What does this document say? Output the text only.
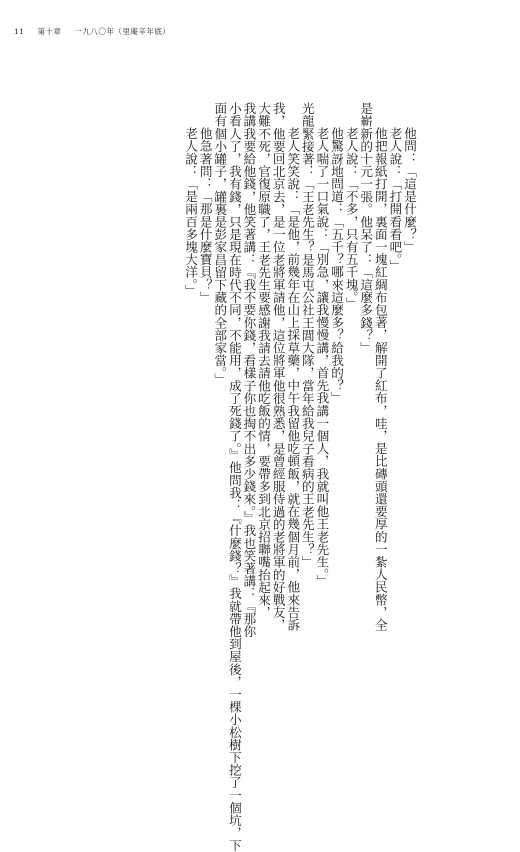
11 第十章 一九八〇年（里庵辛年底）
他問：「這是什麼？」
老人說：「打開看看吧。」
他把報紙打開，裏面一塊紅綢布包著，解開了紅布，哇，是比磚頭還要厚的一紮人民幣，全
是嶄新的十元一張。他呆了：「這麼多錢？」
老人說：「不多，只有五千塊。」
他驚訝地問道：「五千？哪來這麼多？給我的？」
老人喘了一口氣說：「別急，讓我慢慢講，首先我講一個人，我就叫他王老先生。」
光龍緊接著：「王老先生？是馬屯公社王閭大隊，當年給我兒子看病的王老先生？」
老人笑笑說：「是他，前幾年在山上採草藥，中午我留他吃頓飯，就在幾個月前，他來告訴
我，他要回北京去，是一位老將軍請他，這位將軍他很熟悉，是曾經服侍過的老將軍的好戰友，
大難不死，官復原職了，王老先生要感謝我請去請他吃飯的情，要帶多到北京招聯嘴抬起來，
我講我要給他錢，他笑著講：『我不要你錢，看樣子你也掏不出多少錢來。』我也笑著講：『那你
小看人了，我有錢，只是現在時代不同，不能用，成了死錢了。』他問我：『什麼錢？』我就帶他到屋後，一棵小松樹下挖了一個坑，下
面有個小罐子，罐裏是彭家昌留下藏的全部家當。」
他急著問：「那是什麼寶貝？」
老人說：「是兩百多塊大洋。」
